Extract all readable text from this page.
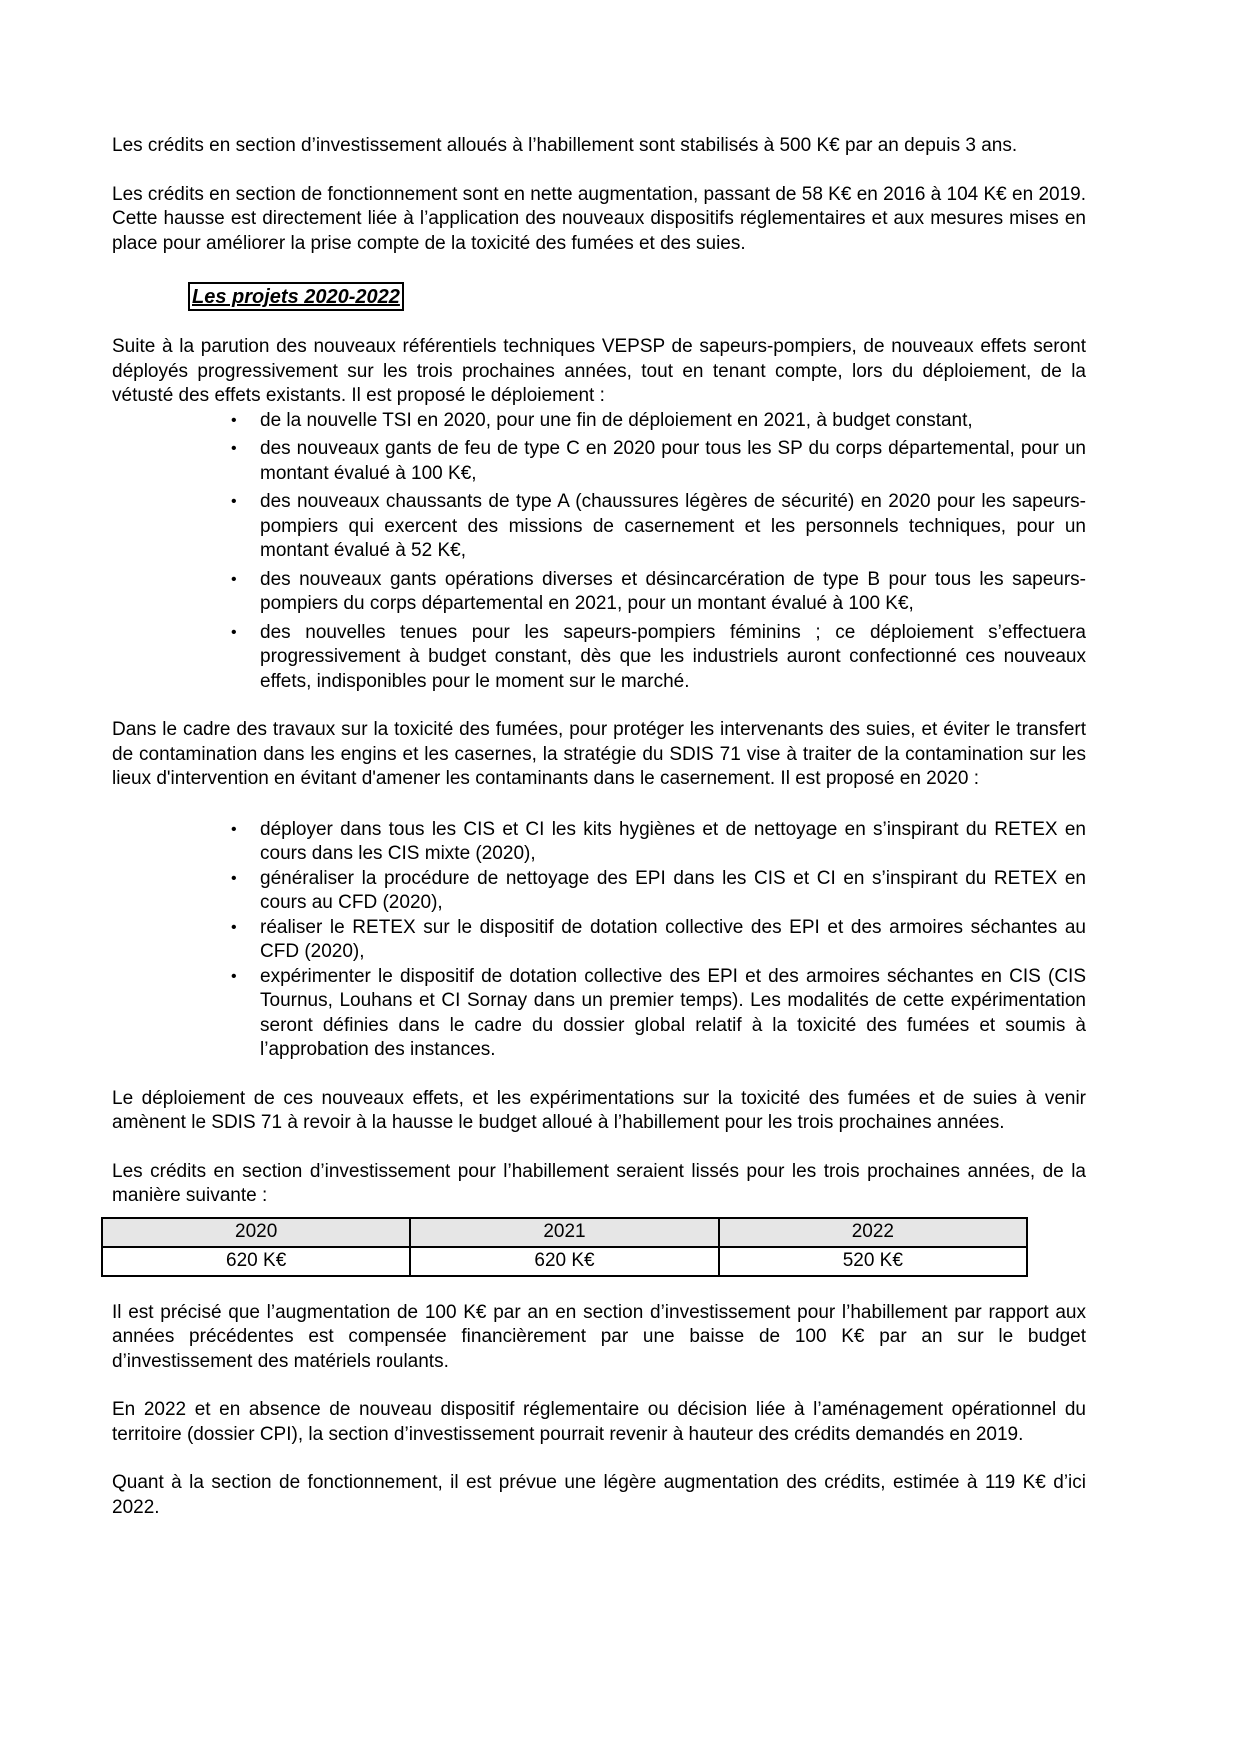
Les crédits en section d’investissement alloués à l’habillement sont stabilisés à 500 K€ par an depuis 3 ans.

Les crédits en section de fonctionnement sont en nette augmentation, passant de 58 K€ en 2016 à 104 K€ en 2019. Cette hausse est directement liée à l’application des nouveaux dispositifs réglementaires et aux mesures mises en place pour améliorer la prise compte de la toxicité des fumées et des suies.

Les projets 2020-2022

Suite à la parution des nouveaux référentiels techniques VEPSP de sapeurs-pompiers, de nouveaux effets seront déployés progressivement sur les trois prochaines années, tout en tenant compte, lors du déploiement, de la vétusté des effets existants. Il est proposé le déploiement :

• de la nouvelle TSI en 2020, pour une fin de déploiement en 2021, à budget constant,
• des nouveaux gants de feu de type C en 2020 pour tous les SP du corps départemental, pour un montant évalué à 100 K€,
• des nouveaux chaussants de type A (chaussures légères de sécurité) en 2020 pour les sapeurs-pompiers qui exercent des missions de casernement et les personnels techniques, pour un montant évalué à 52 K€,
• des nouveaux gants opérations diverses et désincarcération de type B pour tous les sapeurs-pompiers du corps départemental en 2021, pour un montant évalué à 100 K€,
• des nouvelles tenues pour les sapeurs-pompiers féminins ; ce déploiement s’effectuera progressivement à budget constant, dès que les industriels auront confectionné ces nouveaux effets, indisponibles pour le moment sur le marché.

Dans le cadre des travaux sur la toxicité des fumées, pour protéger les intervenants des suies, et éviter le transfert de contamination dans les engins et les casernes, la stratégie du SDIS 71 vise à traiter de la contamination sur les lieux d'intervention en évitant d'amener les contaminants dans le casernement. Il est proposé en 2020 :

• déployer dans tous les CIS et CI les kits hygiènes et de nettoyage en s’inspirant du RETEX en cours dans les CIS mixte (2020),
• généraliser la procédure de nettoyage des EPI dans les CIS et CI en s’inspirant du RETEX en cours au CFD (2020),
• réaliser le RETEX sur le dispositif de dotation collective des EPI et des armoires séchantes au CFD (2020),
• expérimenter le dispositif de dotation collective des EPI et des armoires séchantes en CIS (CIS Tournus, Louhans et CI Sornay dans un premier temps). Les modalités de cette expérimentation seront définies dans le cadre du dossier global relatif à la toxicité des fumées et soumis à l’approbation des instances.

Le déploiement de ces nouveaux effets, et les expérimentations sur la toxicité des fumées et de suies à venir amènent le SDIS 71 à revoir à la hausse le budget alloué à l’habillement pour les trois prochaines années.

Les crédits en section d’investissement pour l’habillement seraient lissés pour les trois prochaines années, de la manière suivante :

2020	2021	2022
620 K€	620 K€	520 K€

Il est précisé que l’augmentation de 100 K€ par an en section d’investissement pour l’habillement par rapport aux années précédentes est compensée financièrement par une baisse de 100 K€ par an sur le budget d’investissement des matériels roulants.

En 2022 et en absence de nouveau dispositif réglementaire ou décision liée à l’aménagement opérationnel du territoire (dossier CPI), la section d’investissement pourrait revenir à hauteur des crédits demandés en 2019.

Quant à la section de fonctionnement, il est prévue une légère augmentation des crédits, estimée à 119 K€ d’ici 2022.
